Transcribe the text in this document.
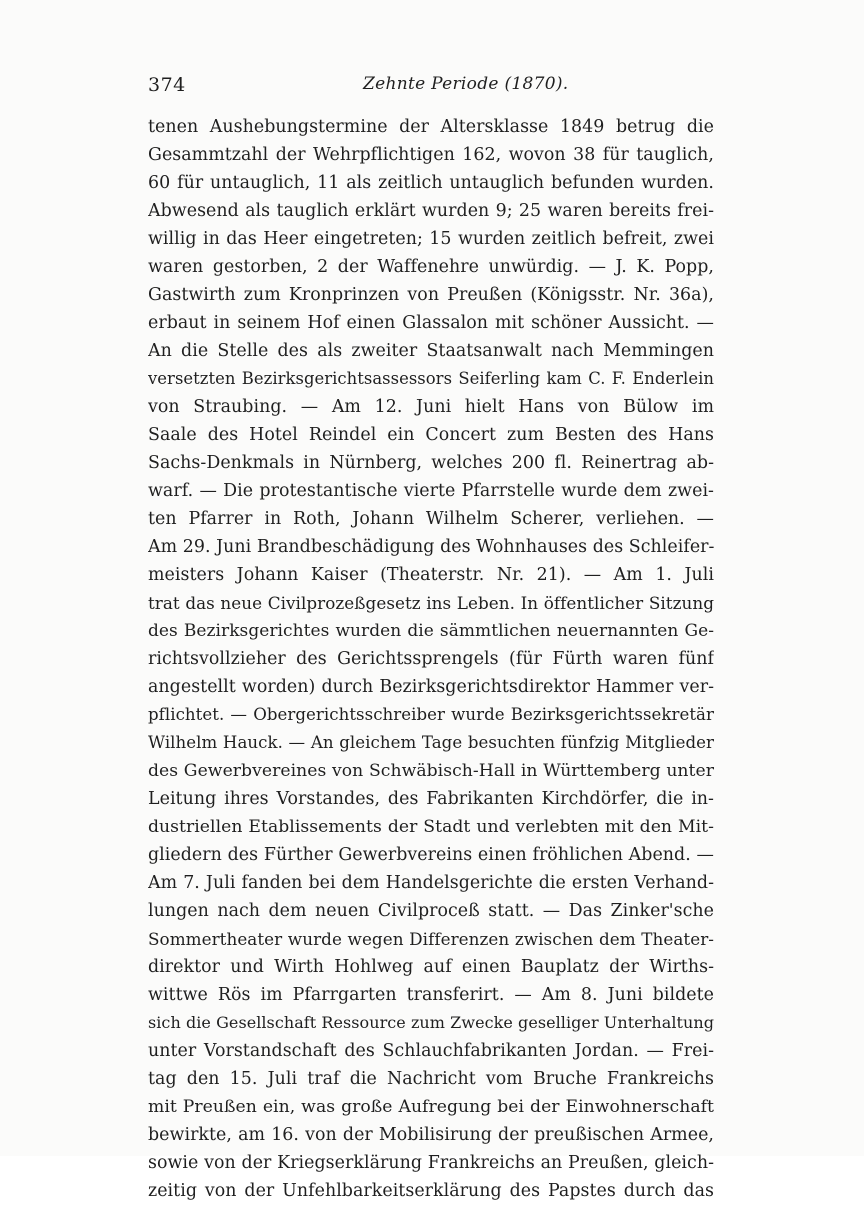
374	Zehnte Periode (1870).
tenen Aushebungstermine der Altersklasse 1849 betrug die
Gesammtzahl der Wehrpflichtigen 162, wovon 38 für tauglich,
60 für untauglich, 11 als zeitlich untauglich befunden wurden.
Abwesend als tauglich erklärt wurden 9; 25 waren bereits frei-
willig in das Heer eingetreten; 15 wurden zeitlich befreit, zwei
waren gestorben, 2 der Waffenehre unwürdig. — J. K. Popp,
Gastwirth zum Kronprinzen von Preußen (Königsstr. Nr. 36a),
erbaut in seinem Hof einen Glassalon mit schöner Aussicht. —
An die Stelle des als zweiter Staatsanwalt nach Memmingen
versetzten Bezirksgerichtsassessors Seiferling kam C. F. Enderlein
von Straubing. — Am 12. Juni hielt Hans von Bülow im
Saale des Hotel Reindel ein Concert zum Besten des Hans
Sachs-Denkmals in Nürnberg, welches 200 fl. Reinertrag ab-
warf. — Die protestantische vierte Pfarrstelle wurde dem zwei-
ten Pfarrer in Roth, Johann Wilhelm Scherer, verliehen. —
Am 29. Juni Brandbeschädigung des Wohnhauses des Schleifer-
meisters Johann Kaiser (Theaterstr. Nr. 21). — Am 1. Juli
trat das neue Civilprozeßgesetz ins Leben. In öffentlicher Sitzung
des Bezirksgerichtes wurden die sämmtlichen neuernannten Ge-
richtsvollzieher des Gerichtssprengels (für Fürth waren fünf
angestellt worden) durch Bezirksgerichtsdirektor Hammer ver-
pflichtet. — Obergerichtsschreiber wurde Bezirksgerichtssekretär
Wilhelm Hauck. — An gleichem Tage besuchten fünfzig Mitglieder
des Gewerbvereines von Schwäbisch-Hall in Württemberg unter
Leitung ihres Vorstandes, des Fabrikanten Kirchdörfer, die in-
dustriellen Etablissements der Stadt und verlebten mit den Mit-
gliedern des Fürther Gewerbvereins einen fröhlichen Abend. —
Am 7. Juli fanden bei dem Handelsgerichte die ersten Verhand-
lungen nach dem neuen Civilproceß statt. — Das Zinker'sche
Sommertheater wurde wegen Differenzen zwischen dem Theater-
direktor und Wirth Hohlweg auf einen Bauplatz der Wirths-
wittwe Rös im Pfarrgarten transferirt. — Am 8. Juni bildete
sich die Gesellschaft Ressource zum Zwecke geselliger Unterhaltung
unter Vorstandschaft des Schlauchfabrikanten Jordan. — Frei-
tag den 15. Juli traf die Nachricht vom Bruche Frankreichs
mit Preußen ein, was große Aufregung bei der Einwohnerschaft
bewirkte, am 16. von der Mobilisirung der preußischen Armee,
sowie von der Kriegserklärung Frankreichs an Preußen, gleich-
zeitig von der Unfehlbarkeitserklärung des Papstes durch das
